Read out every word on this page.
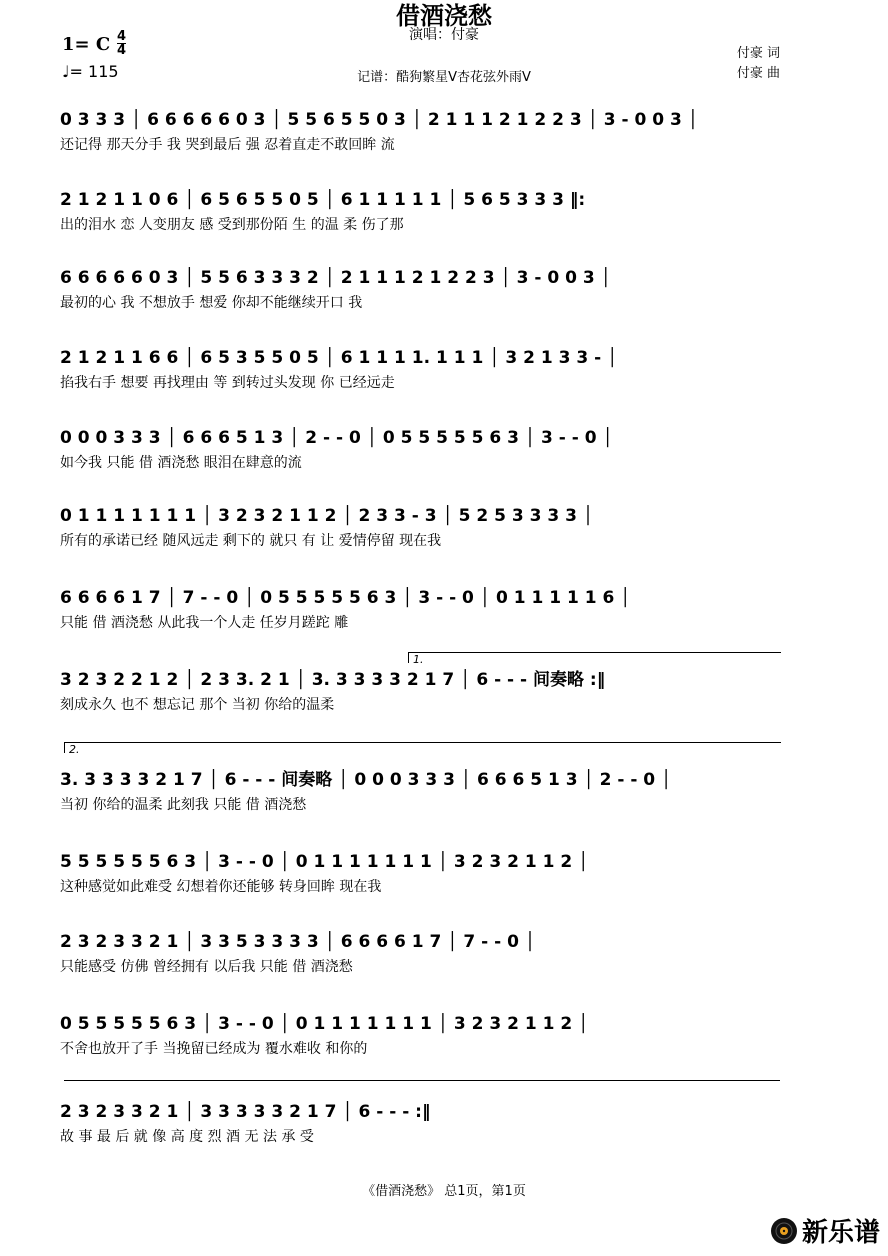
借酒浇愁
演唱：付豪
1= C 4
4
♩= 115
付豪 词
付豪 曲
记谱：酷狗繁星V杏花弦外雨V
0 3 3 3 │ 6 6 6 6 6 0 3 │ 5 5 6 5 5 0 3 │ 2 1 1 1 2 1 2 2 3 │ 3 - 0 0 3 │
还记得 那天分手 我 哭到最后 强 忍着直走不敢回眸 流
2 1 2 1 1 0 6 │ 6 5 6 5 5 0 5 │ 6 1 1 1 1 1 │ 5 6 5 3 3 3 ‖:
出的泪水 恋 人变朋友 感 受到那份陌 生 的温 柔 伤了那
6 6 6 6 6 0 3 │ 5 5 6 3 3 3 2 │ 2 1 1 1 2 1 2 2 3 │ 3 - 0 0 3 │
最初的心 我 不想放手 想爱 你却不能继续开口 我
2 1 2 1 1 6 6 │ 6 5 3 5 5 0 5 │ 6 1 1 1 1. 1 1 1 │ 3 2 1 3 3 - │
掐我右手 想要 再找理由 等 到转过头发现 你 已经远走
0 0 0 3 3 3 │ 6 6 6 5 1 3 │ 2 - - 0 │ 0 5 5 5 5 5 6 3 │ 3 - - 0 │
如今我 只能 借 酒浇愁 眼泪在肆意的流
0 1 1 1 1 1 1 1 │ 3 2 3 2 1 1 2 │ 2 3 3 - 3 │ 5 2 5 3 3 3 3 │
所有的承诺已经 随风远走 剩下的 就只 有 让 爱情停留 现在我
6 6 6 6 1 7 │ 7 - - 0 │ 0 5 5 5 5 5 6 3 │ 3 - - 0 │ 0 1 1 1 1 1 6 │
只能 借 酒浇愁 从此我一个人走 任岁月蹉跎 雕
3 2 3 2 2 1 2 │ 2 3 3. 2 1 │ 3. 3 3 3 3 2 1 7 │ 6 - - - 间奏略 :‖
刻成永久 也不 想忘记 那个 当初 你给的温柔
3. 3 3 3 3 2 1 7 │ 6 - - - 间奏略 │ 0 0 0 3 3 3 │ 6 6 6 5 1 3 │ 2 - - 0 │
当初 你给的温柔 此刻我 只能 借 酒浇愁
5 5 5 5 5 5 6 3 │ 3 - - 0 │ 0 1 1 1 1 1 1 1 │ 3 2 3 2 1 1 2 │
这种感觉如此难受 幻想着你还能够 转身回眸 现在我
2 3 2 3 3 2 1 │ 3 3 5 3 3 3 3 │ 6 6 6 6 1 7 │ 7 - - 0 │
只能感受 仿佛 曾经拥有 以后我 只能 借 酒浇愁
0 5 5 5 5 5 6 3 │ 3 - - 0 │ 0 1 1 1 1 1 1 1 │ 3 2 3 2 1 1 2 │
不舍也放开了手 当挽留已经成为 覆水难收 和你的
2 3 2 3 3 2 1 │ 3 3 3 3 3 2 1 7 │ 6 - - - :‖
故 事 最 后 就 像 高 度 烈 酒 无 法 承 受
1.
2.
《借酒浇愁》 总1页，第1页
新乐谱
